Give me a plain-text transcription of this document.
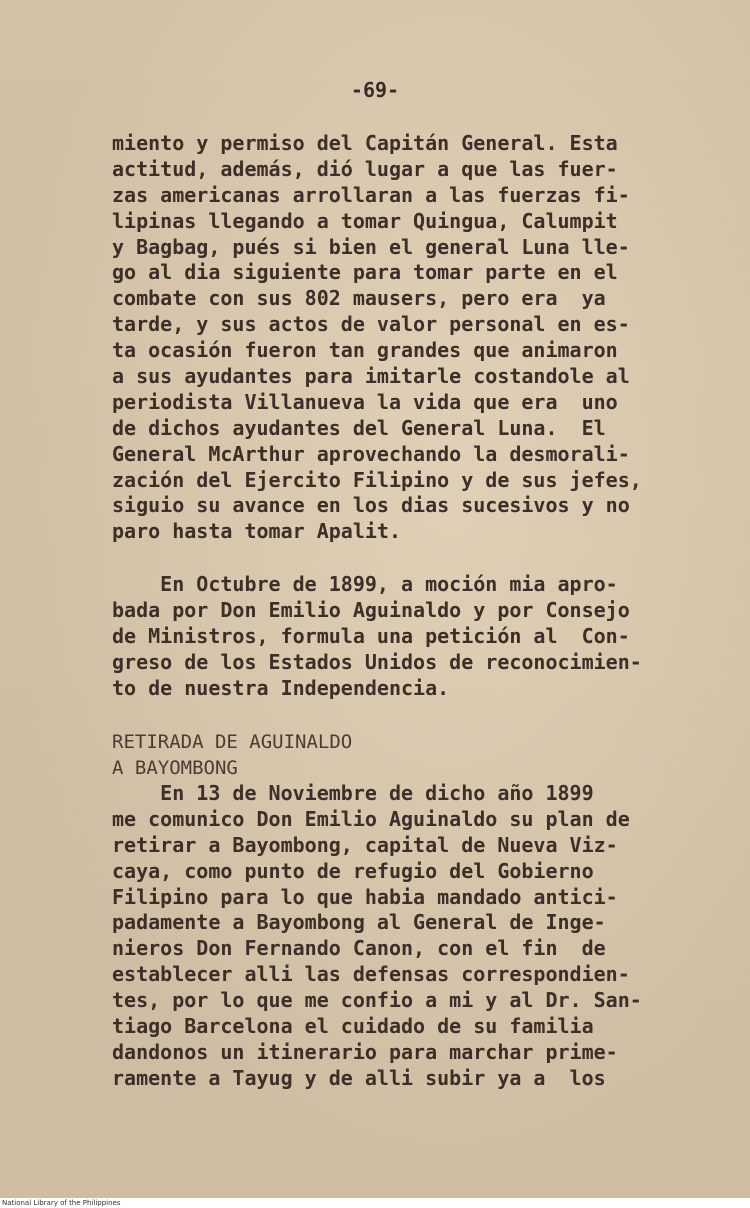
-69-
miento y permiso del Capitán General. Esta
actitud, además, dió lugar a que las fuer-
zas americanas arrollaran a las fuerzas fi-
lipinas llegando a tomar Quingua, Calumpit
y Bagbag, pués si bien el general Luna lle-
go al dia siguiente para tomar parte en el
combate con sus 802 mausers, pero era  ya
tarde, y sus actos de valor personal en es-
ta ocasión fueron tan grandes que animaron
a sus ayudantes para imitarle costandole al
periodista Villanueva la vida que era  uno
de dichos ayudantes del General Luna.  El
General McArthur aprovechando la desmorali-
zación del Ejercito Filipino y de sus jefes,
siguio su avance en los dias sucesivos y no
paro hasta tomar Apalit.
En Octubre de 1899, a moción mia apro-
bada por Don Emilio Aguinaldo y por Consejo
de Ministros, formula una petición al  Con-
greso de los Estados Unidos de reconocimien-
to de nuestra Independencia.
RETIRADA DE AGUINALDO
A BAYOMBONG
En 13 de Noviembre de dicho año 1899
me comunico Don Emilio Aguinaldo su plan de
retirar a Bayombong, capital de Nueva Viz-
caya, como punto de refugio del Gobierno
Filipino para lo que habia mandado antici-
padamente a Bayombong al General de Inge-
nieros Don Fernando Canon, con el fin  de
establecer alli las defensas correspondien-
tes, por lo que me confio a mi y al Dr. San-
tiago Barcelona el cuidado de su familia
dandonos un itinerario para marchar prime-
ramente a Tayug y de alli subir ya a  los
National Library of the Philippines
